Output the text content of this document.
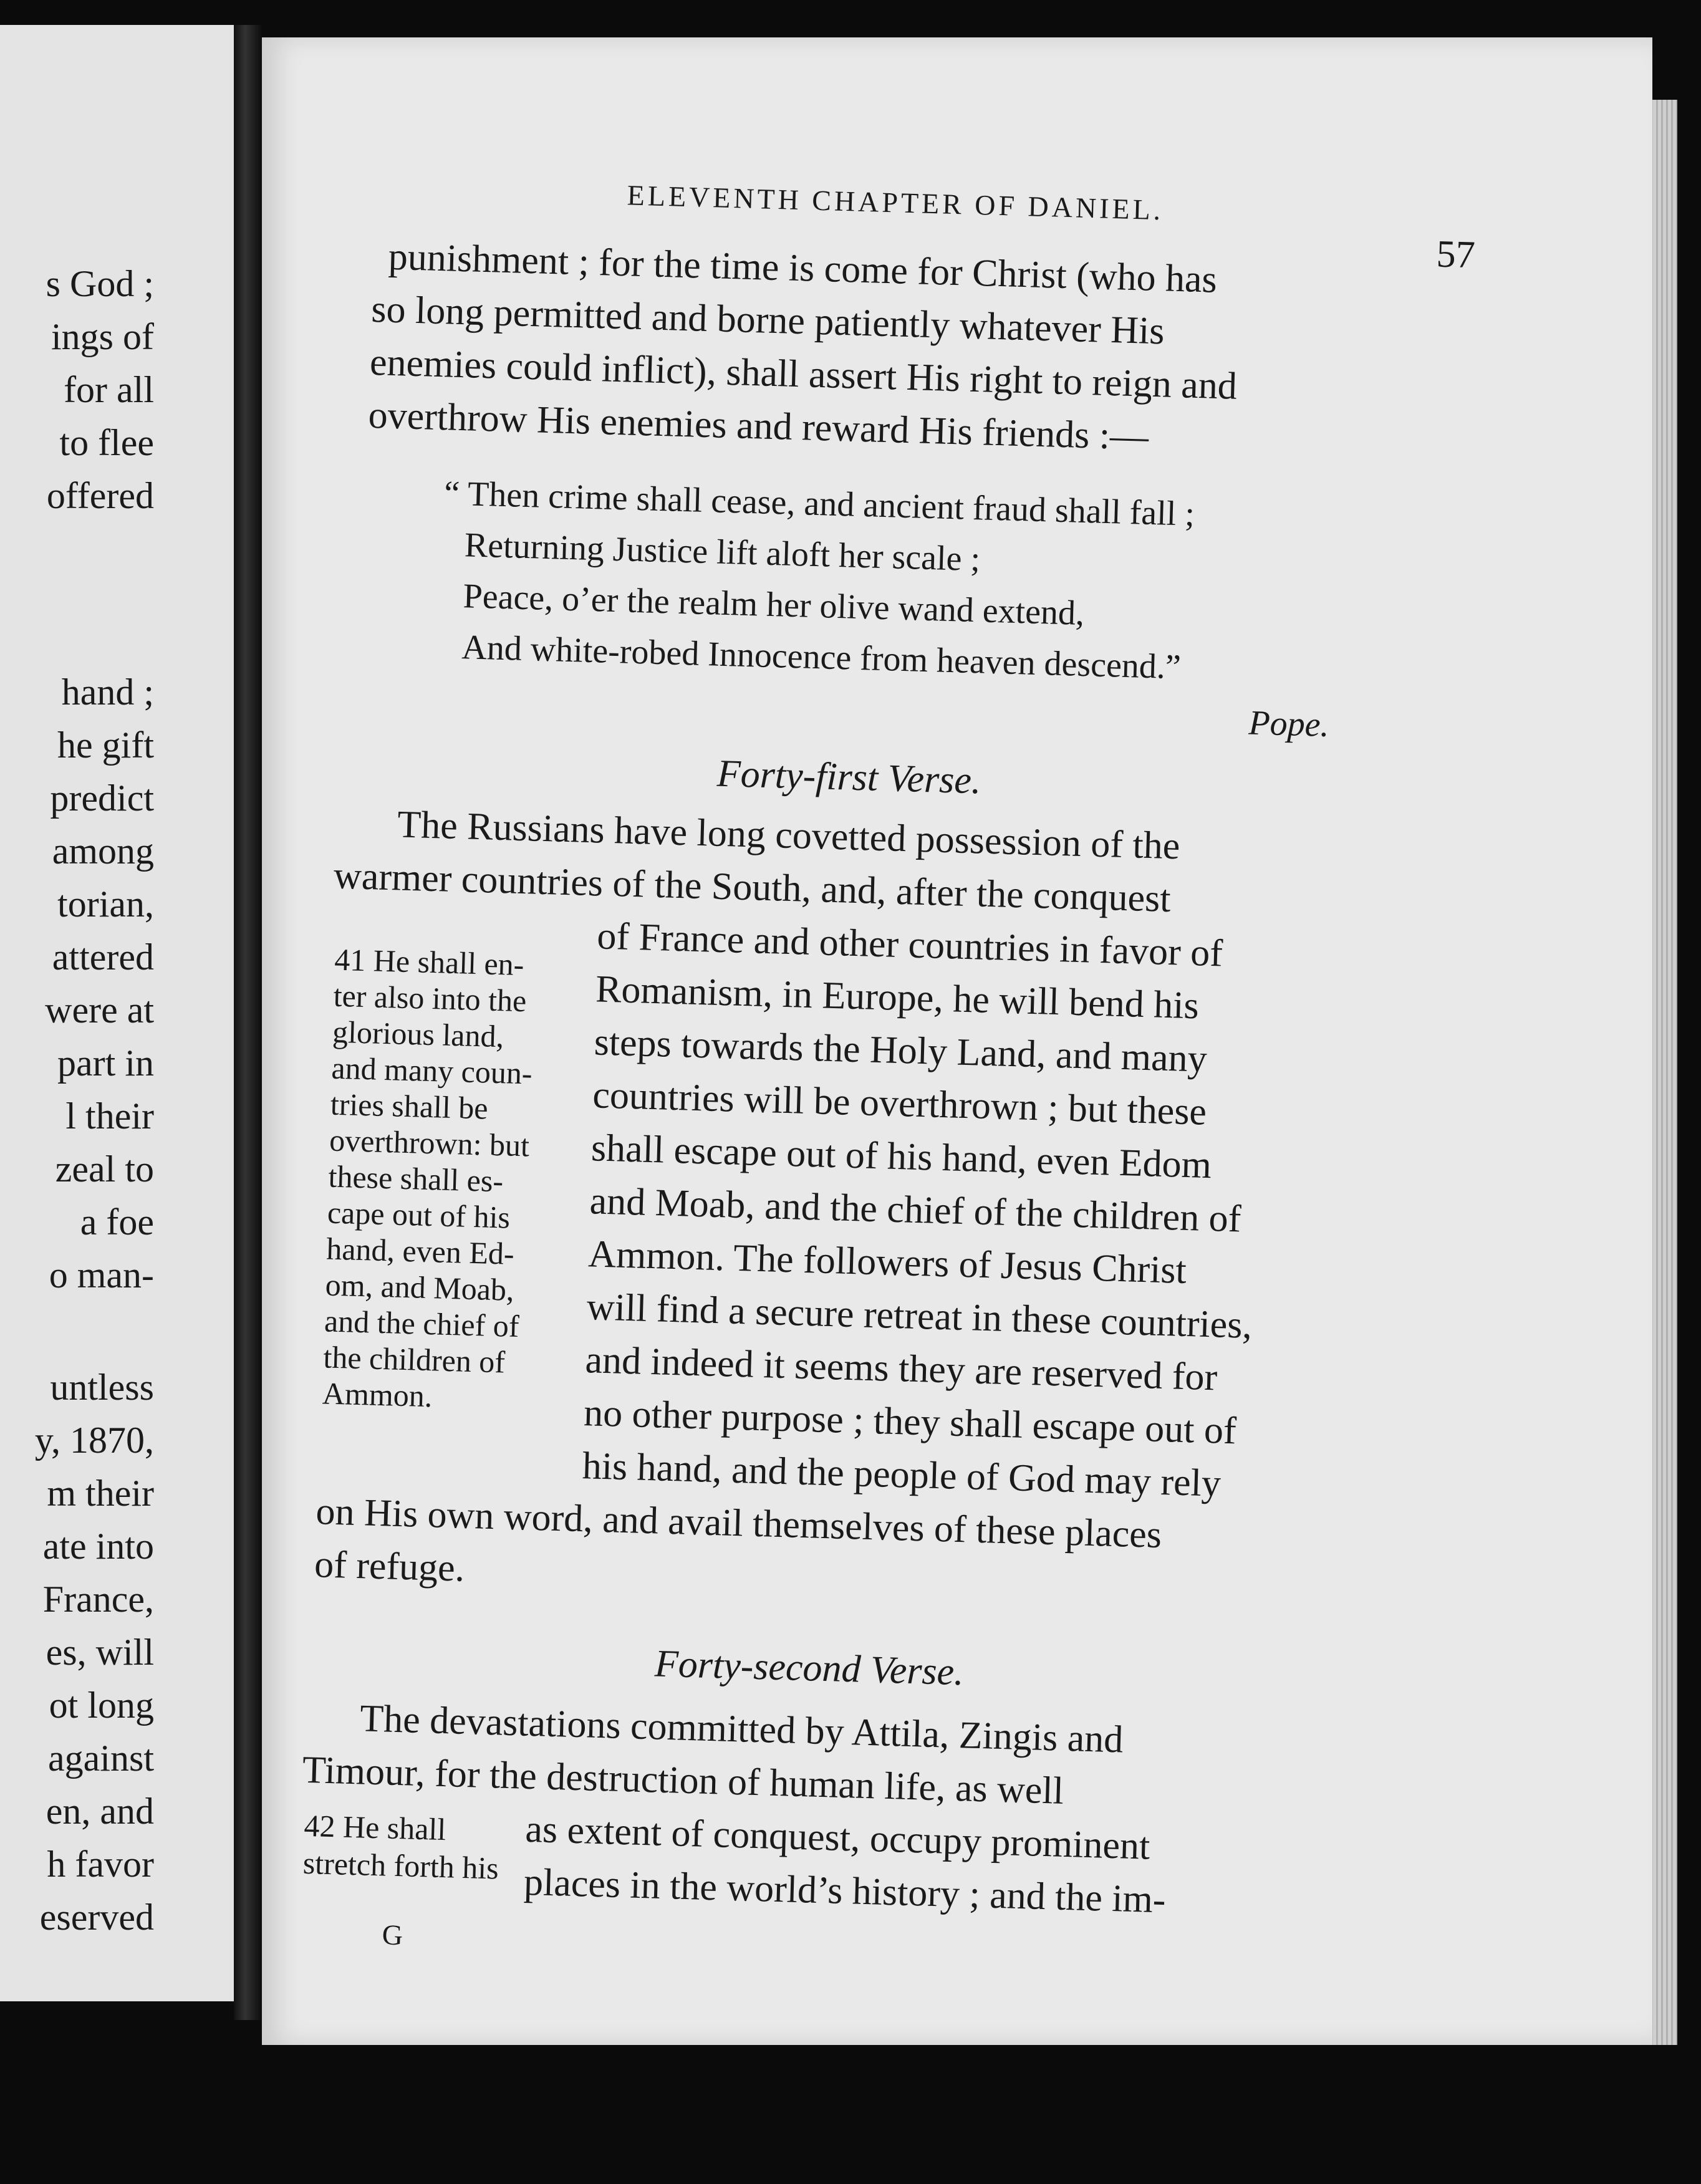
s God ;
ings of
for all
to flee
offered
hand ;
he gift
predict
among
torian,
attered
were at
part in
l their
zeal to
a foe
o man-
untless
y, 1870,
m their
ate into
France,
es, will
ot long
against
en, and
h favor
eserved
ELEVENTH CHAPTER OF DANIEL.
57
punishment ; for the time is come for Christ (who has
so long permitted and borne patiently whatever His
enemies could inflict), shall assert His right to reign and
overthrow His enemies and reward His friends :—
“ Then crime shall cease, and ancient fraud shall fall ;
Returning Justice lift aloft her scale ;
Peace, o’er the realm her olive wand extend,
And white-robed Innocence from heaven descend.”
Pope.
Forty-first Verse.
The Russians have long covetted possession of the
warmer countries of the South, and, after the conquest
of France and other countries in favor of
Romanism, in Europe, he will bend his
steps towards the Holy Land, and many
countries will be overthrown ; but these
shall escape out of his hand, even Edom
and Moab, and the chief of the children of
Ammon. The followers of Jesus Christ
will find a secure retreat in these countries,
and indeed it seems they are reserved for
no other purpose ; they shall escape out of
his hand, and the people of God may rely
on His own word, and avail themselves of these places
of refuge.
41 He shall en-
ter also into the
glorious land,
and many coun-
tries shall be
overthrown: but
these shall es-
cape out of his
hand, even Ed-
om, and Moab,
and the chief of
the children of
Ammon.
Forty-second Verse.
The devastations committed by Attila, Zingis and
Timour, for the destruction of human life, as well
as extent of conquest, occupy prominent
places in the world’s history ; and the im-
42 He shall
stretch forth his
G
